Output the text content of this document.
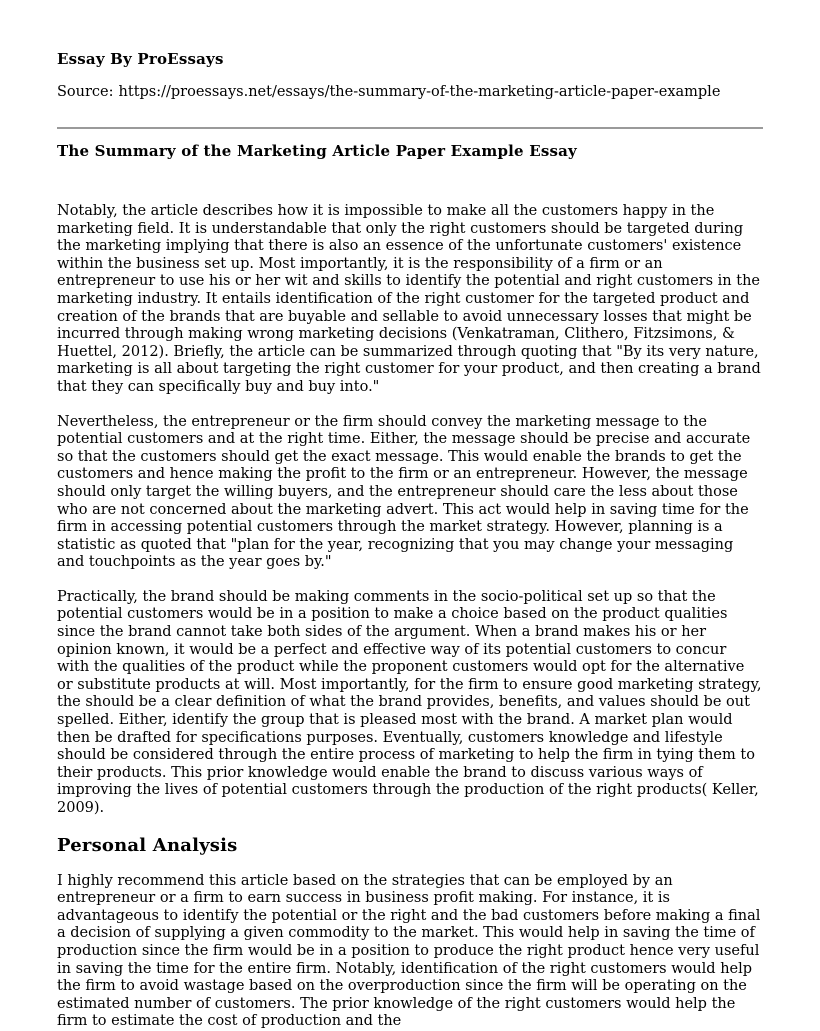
Essay By ProEssays
Source: https://proessays.net/essays/the-summary-of-the-marketing-article-paper-example
The Summary of the Marketing Article Paper Example Essay

Notably, the article describes how it is impossible to make all the customers happy in the marketing field. It is understandable that only the right customers should be targeted during the marketing implying that there is also an essence of the unfortunate customers' existence within the business set up. Most importantly, it is the responsibility of a firm or an entrepreneur to use his or her wit and skills to identify the potential and right customers in the marketing industry. It entails identification of the right customer for the targeted product and creation of the brands that are buyable and sellable to avoid unnecessary losses that might be incurred through making wrong marketing decisions (Venkatraman, Clithero, Fitzsimons, & Huettel, 2012). Briefly, the article can be summarized through quoting that "By its very nature, marketing is all about targeting the right customer for your product, and then creating a brand that they can specifically buy and buy into."

Nevertheless, the entrepreneur or the firm should convey the marketing message to the potential customers and at the right time. Either, the message should be precise and accurate so that the customers should get the exact message. This would enable the brands to get the customers and hence making the profit to the firm or an entrepreneur. However, the message should only target the willing buyers, and the entrepreneur should care the less about those who are not concerned about the marketing advert. This act would help in saving time for the firm in accessing potential customers through the market strategy. However, planning is a statistic as quoted that "plan for the year, recognizing that you may change your messaging and touchpoints as the year goes by."

Practically, the brand should be making comments in the socio-political set up so that the potential customers would be in a position to make a choice based on the product qualities since the brand cannot take both sides of the argument. When a brand makes his or her opinion known, it would be a perfect and effective way of its potential customers to concur with the qualities of the product while the proponent customers would opt for the alternative or substitute products at will. Most importantly, for the firm to ensure good marketing strategy, the should be a clear definition of what the brand provides, benefits, and values should be out spelled. Either, identify the group that is pleased most with the brand. A market plan would then be drafted for specifications purposes. Eventually, customers knowledge and lifestyle should be considered through the entire process of marketing to help the firm in tying them to their products. This prior knowledge would enable the brand to discuss various ways of improving the lives of potential customers through the production of the right products( Keller, 2009).

Personal Analysis

I highly recommend this article based on the strategies that can be employed by an entrepreneur or a firm to earn success in business profit making. For instance, it is advantageous to identify the potential or the right and the bad customers before making a final a decision of supplying a given commodity to the market. This would help in saving the time of production since the firm would be in a position to produce the right product hence very useful in saving the time for the entire firm. Notably, identification of the right customers would help the firm to avoid wastage based on the overproduction since the firm will be operating on the estimated number of customers. The prior knowledge of the right customers would help the firm to estimate the cost of production and the
